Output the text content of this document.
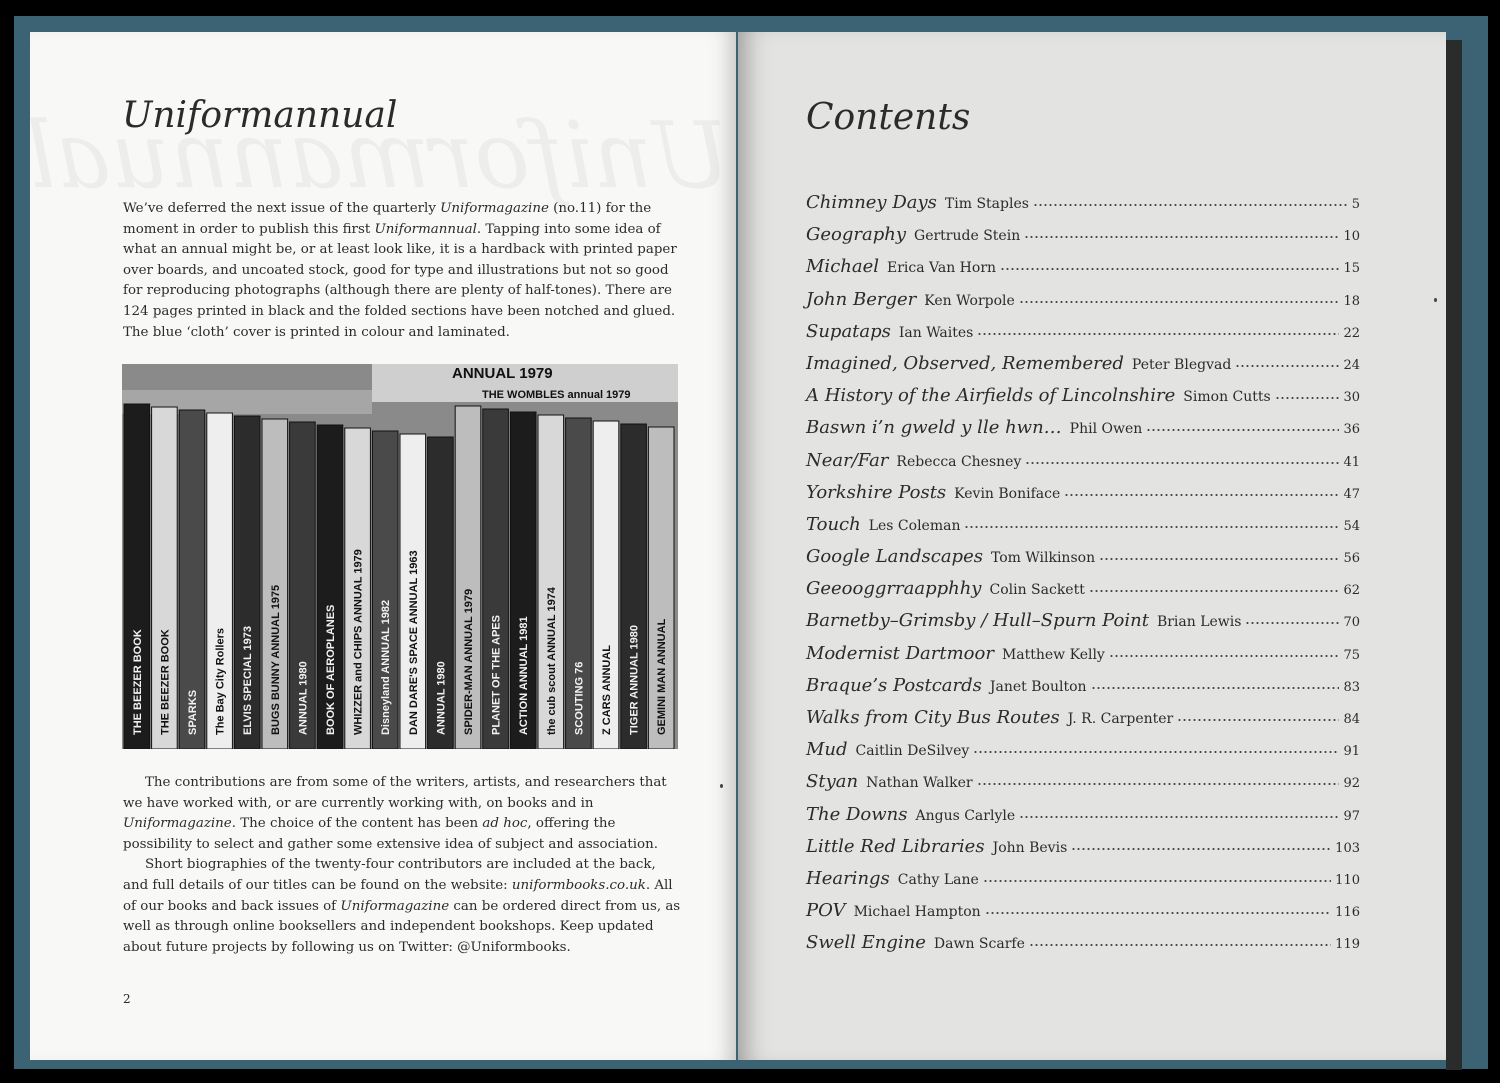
Uniformannual

We’ve deferred the next issue of the quarterly Uniformagazine (no.11) for the moment in order to publish this first Uniformannual. Tapping into some idea of what an annual might be, or at least look like, it is a hardback with printed paper over boards, and uncoated stock, good for type and illustrations but not so good for reproducing photographs (although there are plenty of half-tones). There are 124 pages printed in black and the folded sections have been notched and glued. The blue ‘cloth’ cover is printed in colour and laminated.

THE BEEZER BOOK THE BEEZER BOOK SPARKS The Bay City Rollers ELVIS SPECIAL 1973 BUGS BUNNY ANNUAL 1975 ANNUAL 1980 BOOK OF AEROPLANES WHIZZER and CHIPS ANNUAL 1979 Disneyland ANNUAL 1982 DAN DARE'S SPACE ANNUAL 1963 ANNUAL 1980 SPIDER-MAN ANNUAL 1979 PLANET OF THE APES ACTION ANNUAL 1981 the cub scout ANNUAL 1974 SCOUTING 76 Z CARS ANNUAL TIGER ANNUAL 1980 GEMINI MAN ANNUAL
ANNUAL 1979
THE WOMBLES annual 1979

The contributions are from some of the writers, artists, and researchers that we have worked with, or are currently working with, on books and in Uniformagazine. The choice of the content has been ad hoc, offering the possibility to select and gather some extensive idea of subject and association.

Short biographies of the twenty-four contributors are included at the back, and full details of our titles can be found on the website: uniformbooks.co.uk. All of our books and back issues of Uniformagazine can be ordered direct from us, as well as through online booksellers and independent bookshops. Keep updated about future projects by following us on Twitter: @Uniformbooks.

2
Contents
Chimney Days Tim Staples	5
Geography Gertrude Stein	10
Michael Erica Van Horn	15
John Berger Ken Worpole	18
Supataps Ian Waites	22
Imagined, Observed, Remembered Peter Blegvad	24
A History of the Airfields of Lincolnshire Simon Cutts	30
Baswn i’n gweld y lle hwn… Phil Owen	36
Near/Far Rebecca Chesney	41
Yorkshire Posts Kevin Boniface	47
Touch Les Coleman	54
Google Landscapes Tom Wilkinson	56
Geeooggrraapphhy Colin Sackett	62
Barnetby–Grimsby / Hull–Spurn Point Brian Lewis	70
Modernist Dartmoor Matthew Kelly	75
Braque’s Postcards Janet Boulton	83
Walks from City Bus Routes J. R. Carpenter	84
Mud Caitlin DeSilvey	91
Styan Nathan Walker	92
The Downs Angus Carlyle	97
Little Red Libraries John Bevis	103
Hearings Cathy Lane	110
POV Michael Hampton	116
Swell Engine Dawn Scarfe	119
